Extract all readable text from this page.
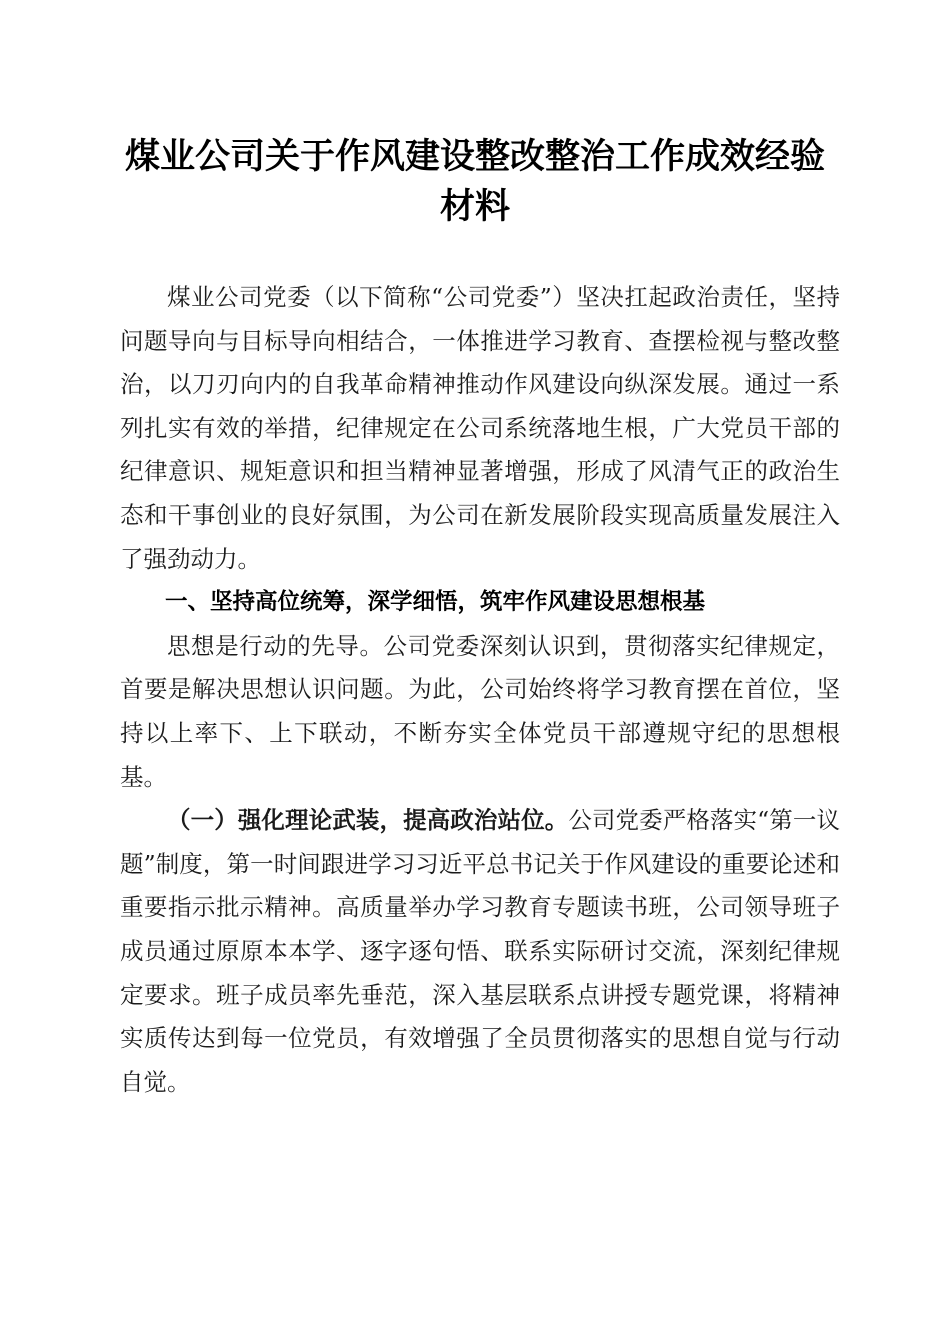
煤业公司关于作风建设整改整治工作成效经验材料

煤业公司党委（以下简称“公司党委”）坚决扛起政治责任，坚持问题导向与目标导向相结合，一体推进学习教育、查摆检视与整改整治，以刀刃向内的自我革命精神推动作风建设向纵深发展。通过一系列扎实有效的举措，纪律规定在公司系统落地生根，广大党员干部的纪律意识、规矩意识和担当精神显著增强，形成了风清气正的政治生态和干事创业的良好氛围，为公司在新发展阶段实现高质量发展注入了强劲动力。

一、坚持高位统筹，深学细悟，筑牢作风建设思想根基

思想是行动的先导。公司党委深刻认识到，贯彻落实纪律规定，首要是解决思想认识问题。为此，公司始终将学习教育摆在首位，坚持以上率下、上下联动，不断夯实全体党员干部遵规守纪的思想根基。

（一）强化理论武装，提高政治站位。公司党委严格落实“第一议题”制度，第一时间跟进学习习近平总书记关于作风建设的重要论述和重要指示批示精神。高质量举办学习教育专题读书班，公司领导班子成员通过原原本本学、逐字逐句悟、联系实际研讨交流，深刻纪律规定要求。班子成员率先垂范，深入基层联系点讲授专题党课，将精神实质传达到每一位党员，有效增强了全员贯彻落实的思想自觉与行动自觉。
